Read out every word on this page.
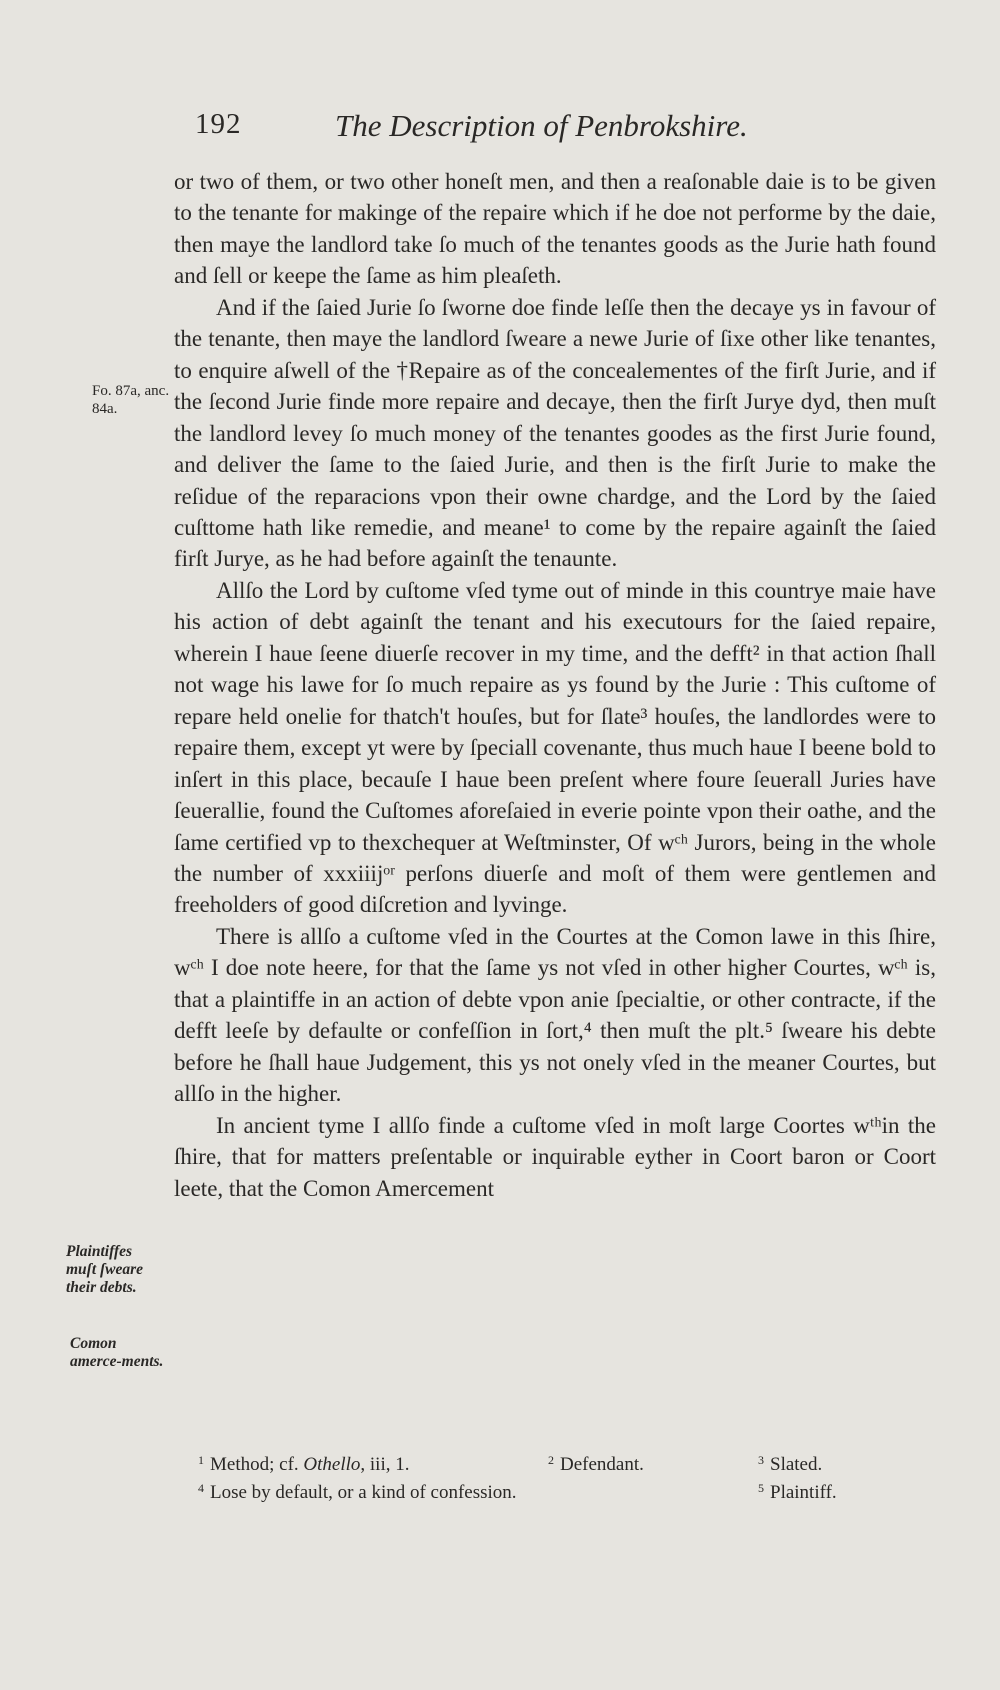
192	The Description of Penbrokshire.
Fo. 87a, anc. 84a.
Plaintiffes muſt ſweare their debts.
Comon amerce-ments.

or two of them, or two other honeſt men, and then a reaſonable daie is to be given to the tenante for makinge of the repaire which if he doe not performe by the daie, then maye the landlord take ſo much of the tenantes goods as the Jurie hath found and ſell or keepe the ſame as him pleaſeth.

And if the ſaied Jurie ſo ſworne doe finde leſſe then the decaye ys in favour of the tenante, then maye the landlord ſweare a newe Jurie of ſixe other like tenantes, to enquire aſwell of the †Repaire as of the concealementes of the firſt Jurie, and if the ſecond Jurie finde more repaire and decaye, then the firſt Jurye dyd, then muſt the landlord levey ſo much money of the tenantes goodes as the first Jurie found, and deliver the ſame to the ſaied Jurie, and then is the firſt Jurie to make the reſidue of the reparacions vpon their owne chardge, and the Lord by the ſaied cuſttome hath like remedie, and meane¹ to come by the repaire againſt the ſaied firſt Jurye, as he had before againſt the tenaunte.

Allſo the Lord by cuſtome vſed tyme out of minde in this countrye maie have his action of debt againſt the tenant and his executours for the ſaied repaire, wherein I haue ſeene diuerſe recover in my time, and the defft² in that action ſhall not wage his lawe for ſo much repaire as ys found by the Jurie : This cuſtome of repare held onelie for thatch't houſes, but for ſlate³ houſes, the landlordes were to repaire them, except yt were by ſpeciall covenante, thus much haue I beene bold to inſert in this place, becauſe I haue been preſent where foure ſeuerall Juries have ſeuerallie, found the Cuſtomes aforeſaied in everie pointe vpon their oathe, and the ſame certified vp to thexchequer at Weſtminster, Of wᶜʰ Jurors, being in the whole the number of xxxiiijᵒʳ perſons diuerſe and moſt of them were gentlemen and freeholders of good diſcretion and lyvinge.

There is allſo a cuſtome vſed in the Courtes at the Comon lawe in this ſhire, wᶜʰ I doe note heere, for that the ſame ys not vſed in other higher Courtes, wᶜʰ is, that a plaintiffe in an action of debte vpon anie ſpecialtie, or other contracte, if the defft leeſe by defaulte or confeſſion in ſort,⁴ then muſt the plt.⁵ ſweare his debte before he ſhall haue Judgement, this ys not onely vſed in the meaner Courtes, but allſo in the higher.

In ancient tyme I allſo finde a cuſtome vſed in moſt large Coortes wᵗʰin the ſhire, that for matters preſentable or inquirable eyther in Coort baron or Coort leete, that the Comon Amercement

$^1$ Method; cf. Othello, iii, 1.	$^2$ Defendant.	$^3$ Slated.
$^4$ Lose by default, or a kind of confession.	$^5$ Plaintiff.
